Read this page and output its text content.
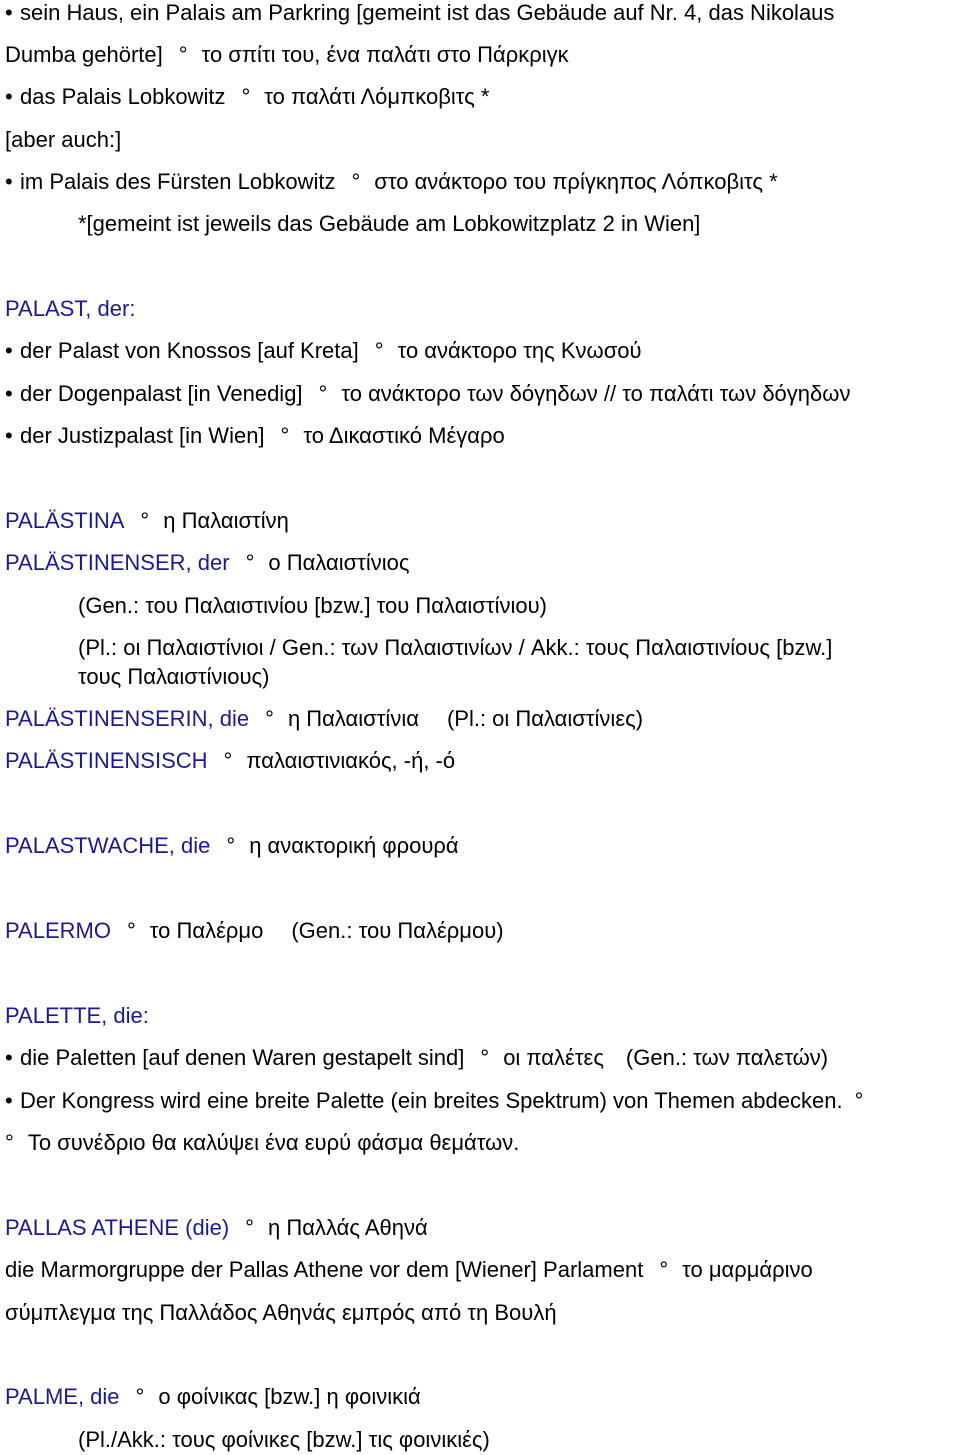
• sein Haus, ein Palais am Parkring [gemeint ist das Gebäude auf Nr. 4, das Nikolaus
Dumba gehörte] ° το σπίτι του, ένα παλάτι στο Πάρκριγκ
• das Palais Lobkowitz ° το παλάτι Λόμπκοβιτς *
[aber auch:]
• im Palais des Fürsten Lobkowitz ° στο ανάκτορο του πρίγκηπος Λόπκοβιτς *
*[gemeint ist jeweils das Gebäude am Lobkowitzplatz 2 in Wien]
PALAST, der:
• der Palast von Knossos [auf Kreta] ° το ανάκτορο της Κνωσού
• der Dogenpalast [in Venedig] ° το ανάκτορο των δόγηδων // το παλάτι των δόγηδων
• der Justizpalast [in Wien] ° το Δικαστικό Μέγαρο
PALÄSTINA ° η Παλαιστίνη
PALÄSTINENSER, der ° ο Παλαιστίνιος
(Gen.: του Παλαιστινίου [bzw.] του Παλαιστίνιου)
(Pl.: οι Παλαιστίνιοι / Gen.: των Παλαιστινίων / Akk.: τους Παλαιστινίους [bzw.]
τους Παλαιστίνιους)
PALÄSTINENSERIN, die ° η Παλαιστίνια (Pl.: οι Παλαιστίνιες)
PALÄSTINENSISCH ° παλαιστινιακός, -ή, -ό
PALASTWACHE, die ° η ανακτορική φρουρά
PALERMO ° το Παλέρμο (Gen.: του Παλέρμου)
PALETTE, die:
• die Paletten [auf denen Waren gestapelt sind] ° οι παλέτες (Gen.: των παλετών)
• Der Kongress wird eine breite Palette (ein breites Spektrum) von Themen abdecken. °
° Το συνέδριο θα καλύψει ένα ευρύ φάσμα θεμάτων.
PALLAS ATHENE (die) ° η Παλλάς Αθηνά
die Marmorgruppe der Pallas Athene vor dem [Wiener] Parlament ° το μαρμάρινο
σύμπλεγμα της Παλλάδος Αθηνάς εμπρός από τη Βουλή
PALME, die ° ο φοίνικας [bzw.] η φοινικιά
(Pl./Akk.: τους φοίνικες [bzw.] τις φοινικιές)
